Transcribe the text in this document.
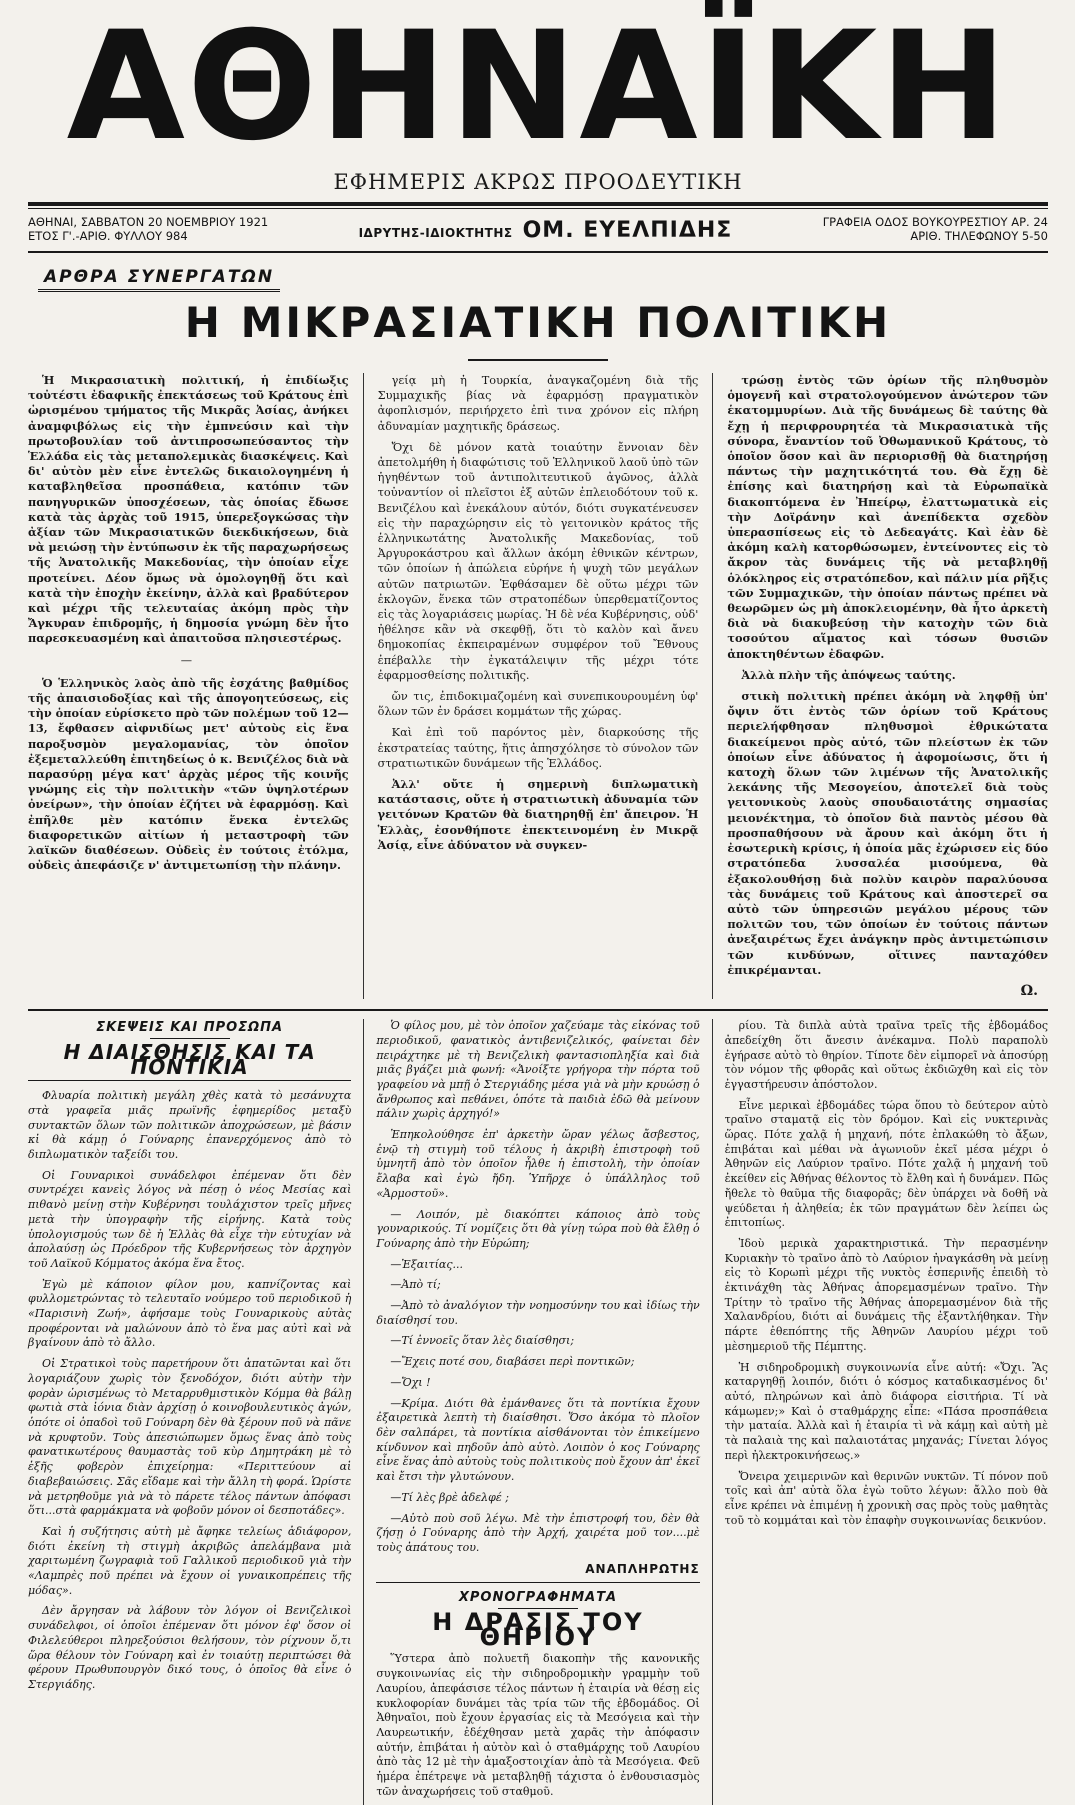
ΑΘΗΝΑΪΚΗ
ΕΦΗΜΕΡΙΣ ΑΚΡΩΣ ΠΡΟΟΔΕΥΤΙΚΗ
ΑΘΗΝΑΙ, ΣΑΒΒΑΤΟΝ 20 ΝΟΕΜΒΡΙΟΥ 1921
ΕΤΟΣ Γ'.-ΑΡΙΘ. ΦΥΛΛΟΥ 984	ΙΔΡΥΤΗΣ-ΙΔΙΟΚΤΗΤΗΣ ΟΜ. ΕΥΕΛΠΙΔΗΣ	ΓΡΑΦΕΙΑ ΟΔΟΣ ΒΟΥΚΟΥΡΕΣΤΙΟΥ ΑΡ. 24
ΑΡΙΘ. ΤΗΛΕΦΩΝΟΥ 5-50
ΑΡΘΡΑ ΣΥΝΕΡΓΑΤΩΝ
Η ΜΙΚΡΑΣΙΑΤΙΚΗ ΠΟΛΙΤΙΚΗ

Ἡ Μικρασιατικὴ πολιτική, ἡ ἐπιδίωξις τοὐτέστι ἐδαφικῆς ἐπεκτάσεως τοῦ Κράτους ἐπὶ ὡρισμένου τμήματος τῆς Μικρᾶς Ἀσίας, ἀνήκει ἀναμφιβόλως εἰς τὴν ἐμπνεύσιν καὶ τὴν πρωτοβουλίαν τοῦ ἀντιπροσωπεύσαντος τὴν Ἑλλάδα εἰς τὰς μεταπολεμικὰς διασκέψεις. Καὶ δι' αὐτὸν μὲν εἶνε ἐντελῶς δικαιολογημένη ἡ καταβληθεῖσα προσπάθεια, κατόπιν τῶν πανηγυρικῶν ὑποσχέσεων, τὰς ὁποίας ἔδωσε κατὰ τὰς ἀρχὰς τοῦ 1915, ὑπερεξογκώσας τὴν ἀξίαν τῶν Μικρασιατικῶν διεκδικήσεων, διὰ νὰ μειώσῃ τὴν ἐντύπωσιν ἐκ τῆς παραχωρήσεως τῆς Ἀνατολικῆς Μακεδονίας, τὴν ὁποίαν εἶχε προτείνει. Δέον ὅμως νὰ ὁμολογηθῇ ὅτι καὶ κατὰ τὴν ἐποχὴν ἐκείνην, ἀλλὰ καὶ βραδύτερον καὶ μέχρι τῆς τελευταίας ἀκόμη πρὸς τὴν Ἄγκυραν ἐπιδρομῆς, ἡ δημοσία γνώμη δὲν ἦτο παρεσκευασμένη καὶ ἀπαιτοῦσα πλησιεστέρως.

—

Ὁ Ἑλληνικὸς λαὸς ἀπὸ τῆς ἐσχάτης βαθμίδος τῆς ἀπαισιοδοξίας καὶ τῆς ἀπογοητεύσεως, εἰς τὴν ὁποίαν εὑρίσκετο πρὸ τῶν πολέμων τοῦ 12—13, ἔφθασεν αἰφνιδίως μετ' αὐτοὺς εἰς ἕνα παροξυσμὸν μεγαλομανίας, τὸν ὁποῖον ἐξεμεταλλεύθη ἐπιτηδείως ὁ κ. Βενιζέλος διὰ νὰ παρασύρῃ μέγα κατ' ἀρχὰς μέρος τῆς κοινῆς γνώμης εἰς τὴν πολιτικὴν «τῶν ὑψηλοτέρων ὀνείρων», τὴν ὁποίαν ἐζήτει νὰ ἐφαρμόσῃ. Καὶ ἐπῆλθε μὲν κατόπιν ἕνεκα ἐντελῶς διαφορετικῶν αἰτίων ἡ μεταστροφὴ τῶν λαϊκῶν διαθέσεων. Οὐδεὶς ἐν τούτοις ἐτόλμα, οὐδεὶς ἀπεφάσιζε ν' ἀντιμετωπίσῃ τὴν πλάνην.

γείᾳ μὴ ἡ Τουρκία, ἀναγκαζομένη διὰ τῆς Συμμαχικῆς βίας νὰ ἐφαρμόσῃ πραγματικὸν ἀφοπλισμόν, περιήρχετο ἐπὶ τινα χρόνον εἰς πλήρη ἀδυναμίαν μαχητικῆς δράσεως.

Ὄχι δὲ μόνον κατὰ τοιαύτην ἔννοιαν δὲν ἀπετολμήθη ἡ διαφώτισις τοῦ Ἑλληνικοῦ λαοῦ ὑπὸ τῶν ἡγηθέντων τοῦ ἀντιπολιτευτικοῦ ἀγῶνος, ἀλλὰ τοὐναντίον οἱ πλεῖστοι ἐξ αὐτῶν ἐπλειοδότουν τοῦ κ. Βενιζέλου καὶ ἐνεκάλουν αὐτόν, διότι συγκατένευσεν εἰς τὴν παραχώρησιν εἰς τὸ γειτονικὸν κράτος τῆς ἑλληνικωτάτης Ἀνατολικῆς Μακεδονίας, τοῦ Ἀργυροκάστρου καὶ ἄλλων ἀκόμη ἐθνικῶν κέντρων, τῶν ὁποίων ἡ ἀπώλεια εὑρήνε ἡ ψυχὴ τῶν μεγάλων αὐτῶν πατριωτῶν. Ἐφθάσαμεν δὲ οὕτω μέχρι τῶν ἐκλογῶν, ἕνεκα τῶν στρατοπέδων ὑπερθεματίζοντος εἰς τὰς λογαριάσεις μωρίας. Ἡ δὲ νέα Κυβέρνησις, οὐδ' ἠθέλησε κἂν νὰ σκεφθῇ, ὅτι τὸ καλὸν καὶ ἄνευ δημοκοπίας ἐκπειραμένων συμφέρον τοῦ Ἔθνους ἐπέβαλλε τὴν ἐγκατάλειψιν τῆς μέχρι τότε ἐφαρμοσθείσης πολιτικῆς.

ὤν τις, ἐπιδοκιμαζομένη καὶ συνεπικουρουμένη ὑφ' ὅλων τῶν ἐν δράσει κομμάτων τῆς χώρας.

Καὶ ἐπὶ τοῦ παρόντος μὲν, διαρκούσης τῆς ἐκστρατείας ταύτης, ἥτις ἀπησχόλησε τὸ σύνολον τῶν στρατιωτικῶν δυνάμεων τῆς Ἑλλάδος.

Ἀλλ' οὔτε ἡ σημερινὴ διπλωματικὴ κατάστασις, οὔτε ἡ στρατιωτικὴ ἀδυναμία τῶν γειτόνων Κρατῶν θὰ διατηρηθῇ ἐπ' ἄπειρον. Ἡ Ἑλλὰς, ἐσονθήποτε ἐπεκτεινομένη ἐν Μικρᾷ Ἀσίᾳ, εἶνε ἀδύνατον νὰ συγκεν-

τρώσῃ ἐντὸς τῶν ὁρίων τῆς πληθυσμὸν ὁμογενῆ καὶ στρατολογούμενον ἀνώτερον τῶν ἑκατομμυρίων. Διὰ τῆς δυνάμεως δὲ ταύτης θὰ ἔχῃ ἡ περιφρουρητέα τὰ Μικρασιατικὰ τῆς σύνορα, ἔναντίον τοῦ Ὀθωμανικοῦ Κράτους, τὸ ὁποῖον ὅσον καὶ ἂν περιορισθῇ θὰ διατηρήσῃ πάντως τὴν μαχητικότητά του. Θὰ ἔχῃ δὲ ἐπίσης καὶ διατηρήσῃ καὶ τὰ Εὐρωπαϊκὰ διακοπτόμενα ἐν Ἠπείρῳ, ἐλαττωματικὰ εἰς τὴν Δοϊράνην καὶ ἀνεπίδεκτα σχεδὸν ὑπερασπίσεως εἰς τὸ Δεδεαγάτς. Καὶ ἐὰν δὲ ἀκόμη καλὴ κατορθώσωμεν, ἐντείνοντες εἰς τὸ ἄκρον τὰς δυνάμεις τῆς νὰ μεταβληθῇ ὁλόκληρος εἰς στρατόπεδον, καὶ πάλιν μία ρῆξις τῶν Συμμαχικῶν, τὴν ὁποίαν πάντως πρέπει νὰ θεωρῶμεν ὡς μὴ ἀποκλειομένην, θὰ ἦτο ἀρκετὴ διὰ νὰ διακυβεύσῃ τὴν κατοχὴν τῶν διὰ τοσούτου αἵματος καὶ τόσων θυσιῶν ἀποκτηθέντων ἐδαφῶν.

Ἀλλὰ πλὴν τῆς ἀπόψεως ταύτης.

στικὴ πολιτικὴ πρέπει ἀκόμη νὰ ληφθῇ ὑπ' ὄψιν ὅτι ἐντὸς τῶν ὁρίων τοῦ Κράτους περιελήφθησαν πληθυσμοὶ ἐθρικώτατα διακείμενοι πρὸς αὐτό, τῶν πλείστων ἐκ τῶν ὁποίων εἶνε ἀδύνατος ἡ ἀφομοίωσις, ὅτι ἡ κατοχὴ ὅλων τῶν λιμένων τῆς Ἀνατολικῆς λεκάνης τῆς Μεσογείου, ἀποτελεῖ διὰ τοὺς γειτονικοὺς λαοὺς σπουδαιοτάτης σημασίας μειονέκτημα, τὸ ὁποῖον διὰ παντὸς μέσου θὰ προσπαθήσουν νὰ ἄρουν καὶ ἀκόμη ὅτι ἡ ἐσωτερικὴ κρίσις, ἡ ὁποία μᾶς ἐχώρισεν εἰς δύο στρατόπεδα λυσσαλέα μισούμενα, θὰ ἐξακολουθήσῃ διὰ πολὺν καιρὸν παραλύουσα τὰς δυνάμεις τοῦ Κράτους καὶ ἀποστερεῖ σα αὐτὸ τῶν ὑπηρεσιῶν μεγάλου μέρους τῶν πολιτῶν του, τῶν ὁποίων ἐν τούτοις πάντων ἀνεξαιρέτως ἔχει ἀνάγκην πρὸς ἀντιμετώπισιν τῶν κινδύνων, οἵτινες πανταχόθεν ἐπικρέμανται.

Ω.
ΣΚΕΨΕΙΣ ΚΑΙ ΠΡΟΣΩΠΑ
Η ΔΙΑΙΣΘΗΣΙΣ ΚΑΙ ΤΑ ΠΟΝΤΙΚΙΑ

Φλυαρία πολιτικὴ μεγάλη χθὲς κατὰ τὸ μεσάνυχτα στὰ γραφεῖα μιᾶς πρωϊνῆς ἐφημερίδος μεταξὺ συντακτῶν ὅλων τῶν πολιτικῶν ἀποχρώσεων, μὲ βάσιν κἰ θὰ κάμῃ ὁ Γούναρης ἐπανερχόμενος ἀπὸ τὸ διπλωματικὸν ταξείδι του.

Οἱ Γουναρικοὶ συνάδελφοι ἐπέμεναν ὅτι δὲν συντρέχει κανεὶς λόγος νὰ πέσῃ ὁ νέος Μεσίας καὶ πιθανὸ μείνῃ στὴν Κυβέρνησι τουλάχιστον τρεῖς μῆνες μετὰ τὴν ὑπογραφὴν τῆς εἰρήνης. Κατὰ τοὺς ὑπολογισμούς των δὲ ἡ Ἑλλὰς θὰ εἶχε τὴν εὐτυχίαν νὰ ἀπολαύσῃ ὡς Πρόεδρον τῆς Κυβερνήσεως τὸν ἀρχηγὸν τοῦ Λαϊκοῦ Κόμματος ἀκόμα ἕνα ἔτος.

Ἐγὼ μὲ κάποιον φίλον μου, καπνίζοντας καὶ φυλλομετρώντας τὸ τελευταῖο νούμερο τοῦ περιοδικοῦ ἡ «Παρισινὴ Ζωή», ἀφήσαμε τοὺς Γουναρικοὺς αὐτὰς προφέρονται νὰ μαλώνουν ἀπὸ τὸ ἕνα μας αὐτὶ καὶ νὰ βγαίνουν ἀπὸ τὸ ἄλλο.

Οἱ Στρατικοὶ τοὺς παρετήρουν ὅτι ἀπατῶνται καὶ ὅτι λογαριάζουν χωρὶς τὸν ξενοδόχον, διότι αὐτὴν τὴν φορὰν ὡρισμένως τὸ Μεταρρυθμιστικὸν Κόμμα θὰ βάλῃ φωτιὰ στὰ ἰόνια διὰν ἀρχίσῃ ὁ κοινοβουλευτικὸς ἀγών, ὁπότε οἱ ὁπαδοὶ τοῦ Γούναρη δὲν θὰ ξέρουν ποῦ νὰ πᾶνε νὰ κρυφτοῦν. Τοὺς ἀπεσιώπωμεν ὅμως ἕνας ἀπὸ τοὺς φανατικωτέρους θαυμαστὰς τοῦ κὺρ Δημητράκη μὲ τὸ ἑξῆς φοβερὸν ἐπιχείρημα: «Περιττεύουν αἱ διαβεβαιώσεις. Σᾶς εἴδαμε καὶ τὴν ἄλλη τὴ φορά. Ὡρίστε νὰ μετρηθοῦμε γιὰ νὰ τὸ πάρετε τέλος πάντων ἀπόφασι ὅτι...στὰ φαρμάκματα νὰ φοβοῦν μόνον οἱ δεσποτάδες».

Καὶ ἡ συζήτησις αὐτὴ μὲ ἄφηκε τελείως ἀδιάφορον, διότι ἐκείνη τὴ στιγμὴ ἀκριβῶς ἀπελάμβανα μιὰ χαριτωμένη ζωγραφιὰ τοῦ Γαλλικοῦ περιοδικοῦ γιὰ τὴν «Λαμπρὲς ποῦ πρέπει νὰ ἔχουν οἱ γυναικοπρέπεις τῆς μόδας».

Δὲν ἄργησαν νὰ λάβουν τὸν λόγον οἱ Βενιζελικοὶ συνάδελφοι, οἱ ὁποῖοι ἐπέμεναν ὅτι μόνον ἐφ' ὅσον οἱ Φιλελεύθεροι πληρεξούσιοι θελήσουν, τὸν ρίχνουν ὅ,τι ὥρα θέλουν τὸν Γούναρη καὶ ἐν τοιαύτῃ περιπτώσει θὰ φέρουν Πρωθυπουργὸν δικό τους, ὁ ὁποῖος θὰ εἶνε ὁ Στεργιάδης.

Ὁ φίλος μου, μὲ τὸν ὁποῖον χαζεύαμε τὰς εἰκόνας τοῦ περιοδικοῦ, φανατικὸς ἀντιβενιζελικός, φαίνεται δὲν πειράχτηκε μὲ τὴ Βενιζελικὴ φαντασιοπληξία καὶ διὰ μιᾶς βγάζει μιὰ φωνή: «Ἀνοίξτε γρήγορα τὴν πόρτα τοῦ γραφείου νὰ μπῇ ὁ Στεργιάδης μέσα γιὰ νὰ μὴν κρυώσῃ ὁ ἄνθρωπος καὶ πεθάνει, ὁπότε τὰ παιδιὰ ἐδῶ θὰ μείνουν πάλιν χωρὶς ἀρχηγό!»

Ἐπηκολούθησε ἐπ' ἀρκετὴν ὥραν γέλως ἄσβεστος, ἐνῷ τὴ στιγμὴ τοῦ τέλους ἡ ἀκριβὴ ἐπιστροφὴ τοῦ ὑμνητῆ ἀπὸ τὸν ὁποῖον ἦλθε ἡ ἐπιστολὴ, τὴν ὁποίαν ἔλαβα καὶ ἐγὼ ἤδη. Ὑπῆρχε ὁ ὑπάλληλος τοῦ «Ἀρμοστοῦ».

— Λοιπόν, μὲ διακόπτει κάποιος ἀπὸ τοὺς γουναρικούς. Τί νομίζεις ὅτι θὰ γίνῃ τώρα ποὺ θὰ ἔλθῃ ὁ Γούναρης ἀπὸ τὴν Εὐρώπη;

—Ἐξαιτίας...

—Ἀπὸ τί;

—Ἀπὸ τὸ ἀναλόγιον τὴν νοημοσύνην του καὶ ἰδίως τὴν διαίσθησί του.

—Τί ἐννοεῖς ὅταν λὲς διαίσθησι;

—Ἔχεις ποτέ σου, διαβάσει περὶ ποντικῶν;

—Ὄχι !

—Κρίμα. Διότι θὰ ἐμάνθανες ὅτι τὰ ποντίκια ἔχουν ἐξαιρετικὰ λεπτὴ τὴ διαίσθησι. Ὅσο ἀκόμα τὸ πλοῖον δὲν σαλπάρει, τὰ ποντίκια αἰσθάνονται τὸν ἐπικείμενο κίνδυνον καὶ πηδοῦν ἀπὸ αὐτὸ. Λοιπὸν ὁ κος Γούναρης εἶνε ἕνας ἀπὸ αὐτοὺς τοὺς πολιτικοὺς ποὺ ἔχουν ἀπ' ἐκεῖ καὶ ἔτσι τὴν γλυτώνουν.

—Τί λὲς βρὲ ἀδελφέ ;

—Αὐτὸ ποὺ σοῦ λέγω. Μὲ τὴν ἐπιστροφή του, δὲν θὰ ζήσῃ ὁ Γούναρης ἀπὸ τὴν Ἀρχή, χαιρέτα μοῦ τον....μὲ τοὺς ἀπάτους του.

ΑΝΑΠΛΗΡΩΤΗΣ
ΧΡΟΝΟΓΡΑΦΗΜΑΤΑ
Η ΔΡΑΣΙΣ ΤΟΥ ΘΗΡΙΟΥ

Ὕστερα ἀπὸ πολυετῆ διακοπὴν τῆς κανονικῆς συγκοινωνίας εἰς τὴν σιδηροδρομικὴν γραμμὴν τοῦ Λαυρίου, ἀπεφάσισε τέλος πάντων ἡ ἑταιρία νὰ θέσῃ εἰς κυκλοφορίαν δυνάμει τὰς τρία τῶν τῆς ἐβδομάδος. Οἱ Ἀθηναῖοι, ποὺ ἔχουν ἐργασίας εἰς τὰ Μεσόγεια καὶ τὴν Λαυρεωτικήν, ἐδέχθησαν μετὰ χαρᾶς τὴν ἀπόφασιν αὐτήν, ἐπιβάται ἡ αὐτὸν καὶ ὁ σταθμάρχης τοῦ Λαυρίου ἀπὸ τὰς 12 μὲ τὴν ἀμαξοστοιχίαν ἀπὸ τὰ Μεσόγεια. Φεῦ ἡμέρα ἐπέτρεψε νὰ μεταβληθῇ τάχιστα ὁ ἐνθουσιασμὸς τῶν ἀναχωρήσεις τοῦ σταθμοῦ.

ρίου. Τὰ διπλὰ αὐτὰ τραῖνα τρεῖς τῆς ἑβδομάδος ἀπεδείχθη ὅτι ἄνεσιν ἀνέκαμνα. Πολὺ παραπολὺ ἐγήρασε αὐτὸ τὸ θηρίον. Τίποτε δὲν εἰμπορεῖ νὰ ἀποσύρῃ τὸν νόμον τῆς φθορᾶς καὶ οὕτως ἐκδιῶχθη καὶ εἰς τὸν ἐγγαστήρευσιν ἀπόστολον.

Εἶνε μερικαὶ ἑβδομάδες τώρα ὅπου τὸ δεύτερον αὐτὸ τραῖνο σταματᾷ εἰς τὸν δρόμον. Καὶ εἰς νυκτερινὰς ὥρας. Πότε χαλᾷ ἡ μηχανή, πότε ἐπλακώθη τὸ ἄξων, ἐπιβάται καὶ μέθαι νὰ ἀγωνιοῦν ἐκεῖ μέσα μέχρι ὁ Ἀθηνῶν εἰς Λαύριον τραῖνο. Πότε χαλᾷ ἡ μηχανή τοῦ ἐκείθεν εἰς Ἀθήνας θέλοντος τὸ ἔλθη καὶ ἡ δυνάμεν. Πῶς ἤθελε τὸ θαῦμα τῆς διαφορᾶς; δὲν ὑπάρχει νὰ δοθῆ νὰ ψεύδεται ἡ ἀληθεία; ἐκ τῶν πραγμάτων δὲν λείπει ὡς ἐπιτοπίως.

Ἰδοὺ μερικὰ χαρακτηριστικά. Τὴν περασμένην Κυριακὴν τὸ τραῖνο ἀπὸ τὸ Λαύριον ἠναγκάσθη νὰ μείνῃ εἰς τὸ Κορωπὶ μέχρι τῆς νυκτὸς ἐσπερινῆς ἐπειδὴ τὸ ἐκτινάχθη τὰς Ἀθήνας ἀπορεμασμένων τραῖνο. Τὴν Τρίτην τὸ τραῖνο τῆς Ἀθήνας ἀπορεμασμένον διὰ τῆς Χαλανδρίου, διότι αἱ δυνάμεις τῆς ἐξαντλήθηκαν. Τὴν πάρτε ἐθεπόπτης τῆς Ἀθηνῶν Λαυρίου μέχρι τοῦ μὲσημεριοῦ τῆς Πέμπτης.

Ἡ σιδηροδρομικὴ συγκοινωνία εἶνε αὐτή: «Ὄχι. Ἂς καταργηθῇ λοιπόν, διότι ὁ κόσμος καταδικασμένος δι' αὐτό, πληρώνων καὶ ἀπὸ διάφορα εἰσιτήρια. Τί νὰ κάμωμεν;» Καὶ ὁ σταθμάρχης εἶπε: «Πάσα προσπάθεια τὴν ματαία. Ἀλλὰ καὶ ἡ ἑταιρία τὶ νὰ κάμῃ καὶ αὐτὴ μὲ τὰ παλαιὰ της καὶ παλαιοτάτας μηχανάς; Γίνεται λόγος περὶ ἠλεκτροκινήσεως.»

Ὄνειρα χειμερινῶν καὶ θερινῶν νυκτῶν. Τί πόνον ποῦ τοῖς καὶ ἀπ' αὐτὰ ὅλα ἐγὼ τοῦτο λέγων: ἄλλο ποὺ θὰ εἶνε κρέπει νὰ ἐπιμένῃ ἡ χρονικὴ σας πρὸς τοὺς μαθητὰς τοῦ τὸ κομμάται καὶ τὸν ἐπαφὴν συγκοινωνίας δεικνύον.
